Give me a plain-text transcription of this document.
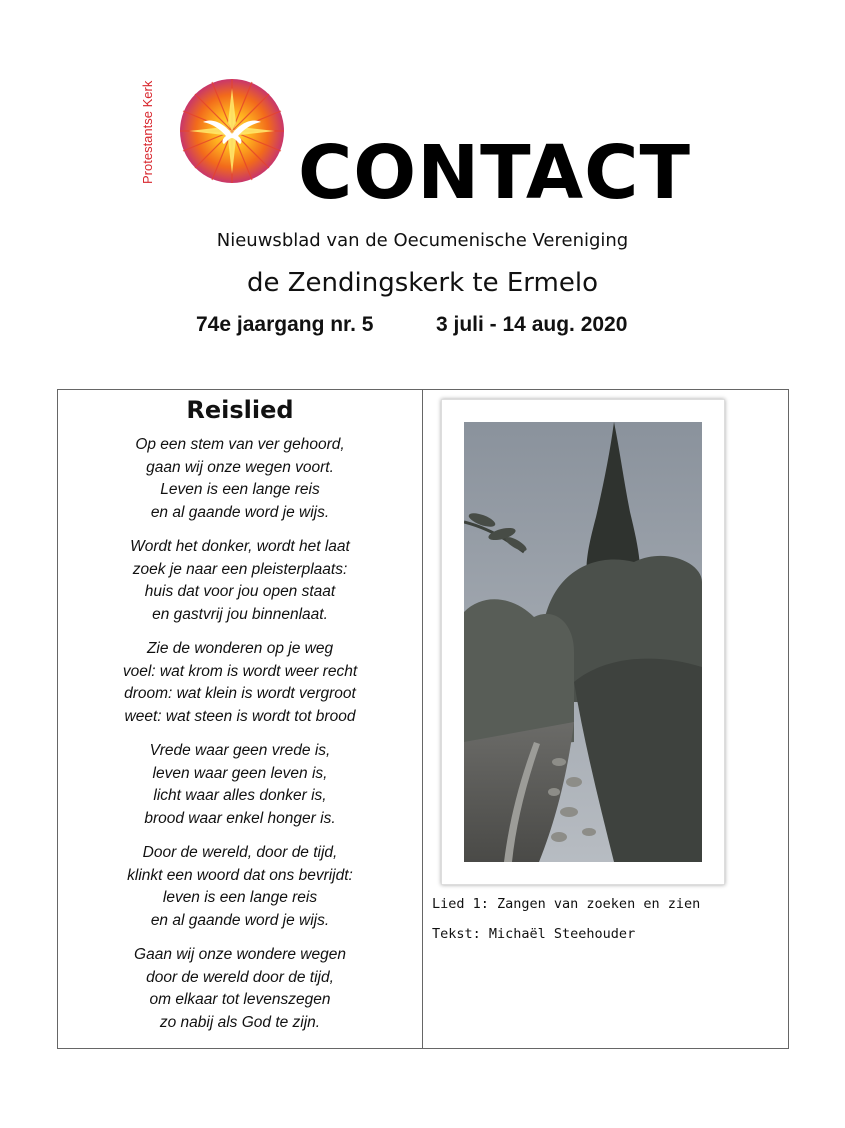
Protestantse Kerk CONTACT
Nieuwsblad van de Oecumenische Vereniging
de Zendingskerk te Ermelo
74e jaargang nr. 5	3 juli - 14 aug. 2020
Reislied
Op een stem van ver gehoord,
gaan wij onze wegen voort.
Leven is een lange reis
en al gaande word je wijs.
Wordt het donker, wordt het laat
zoek je naar een pleisterplaats:
huis dat voor jou open staat
en gastvrij jou binnenlaat.
Zie de wonderen op je weg
voel: wat krom is wordt weer recht
droom: wat klein is wordt vergroot
weet: wat steen is wordt tot brood
Vrede waar geen vrede is,
leven waar geen leven is,
licht waar alles donker is,
brood waar enkel honger is.
Door de wereld, door de tijd,
klinkt een woord dat ons bevrijdt:
leven is een lange reis
en al gaande word je wijs.
Gaan wij onze wondere wegen
door de wereld door de tijd,
om elkaar tot levenszegen
zo nabij als God te zijn.
Lied 1: Zangen van zoeken en zien
Tekst: Michaël Steehouder
